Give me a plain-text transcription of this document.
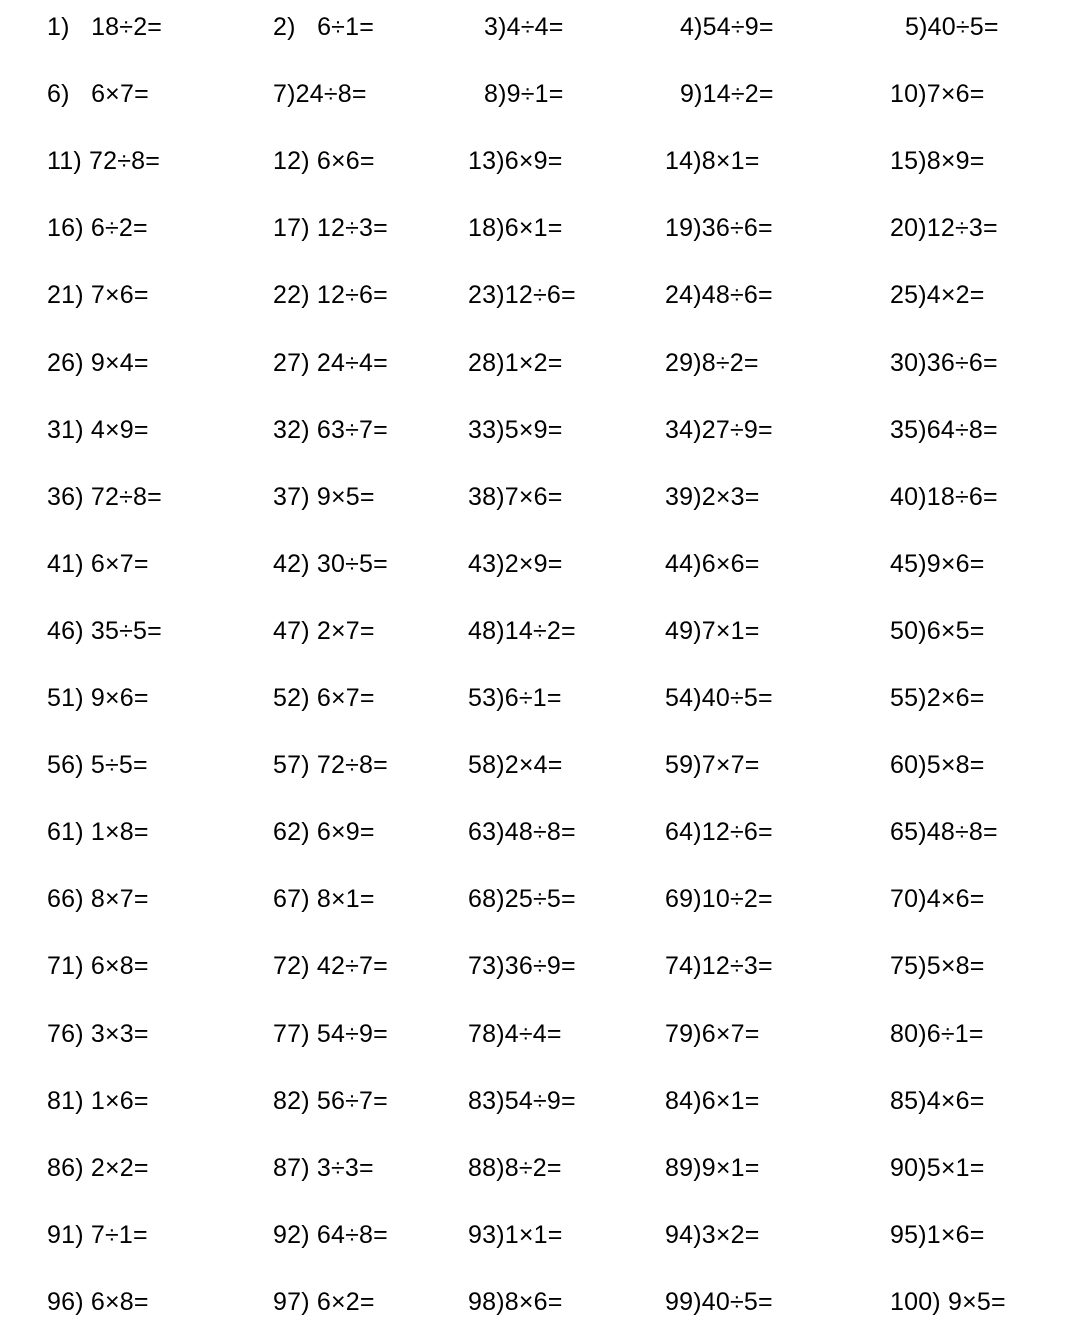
1)   18÷2=	2)   6÷1=	3)4÷4=	4)54÷9=	5)40÷5=
6)   6×7=	7)24÷8=	8)9÷1=	9)14÷2=	10)7×6=
11) 72÷8=	12) 6×6=	13)6×9=	14)8×1=	15)8×9=
16) 6÷2=	17) 12÷3=	18)6×1=	19)36÷6=	20)12÷3=
21) 7×6=	22) 12÷6=	23)12÷6=	24)48÷6=	25)4×2=
26) 9×4=	27) 24÷4=	28)1×2=	29)8÷2=	30)36÷6=
31) 4×9=	32) 63÷7=	33)5×9=	34)27÷9=	35)64÷8=
36) 72÷8=	37) 9×5=	38)7×6=	39)2×3=	40)18÷6=
41) 6×7=	42) 30÷5=	43)2×9=	44)6×6=	45)9×6=
46) 35÷5=	47) 2×7=	48)14÷2=	49)7×1=	50)6×5=
51) 9×6=	52) 6×7=	53)6÷1=	54)40÷5=	55)2×6=
56) 5÷5=	57) 72÷8=	58)2×4=	59)7×7=	60)5×8=
61) 1×8=	62) 6×9=	63)48÷8=	64)12÷6=	65)48÷8=
66) 8×7=	67) 8×1=	68)25÷5=	69)10÷2=	70)4×6=
71) 6×8=	72) 42÷7=	73)36÷9=	74)12÷3=	75)5×8=
76) 3×3=	77) 54÷9=	78)4÷4=	79)6×7=	80)6÷1=
81) 1×6=	82) 56÷7=	83)54÷9=	84)6×1=	85)4×6=
86) 2×2=	87) 3÷3=	88)8÷2=	89)9×1=	90)5×1=
91) 7÷1=	92) 64÷8=	93)1×1=	94)3×2=	95)1×6=
96) 6×8=	97) 6×2=	98)8×6=	99)40÷5=	100) 9×5=
